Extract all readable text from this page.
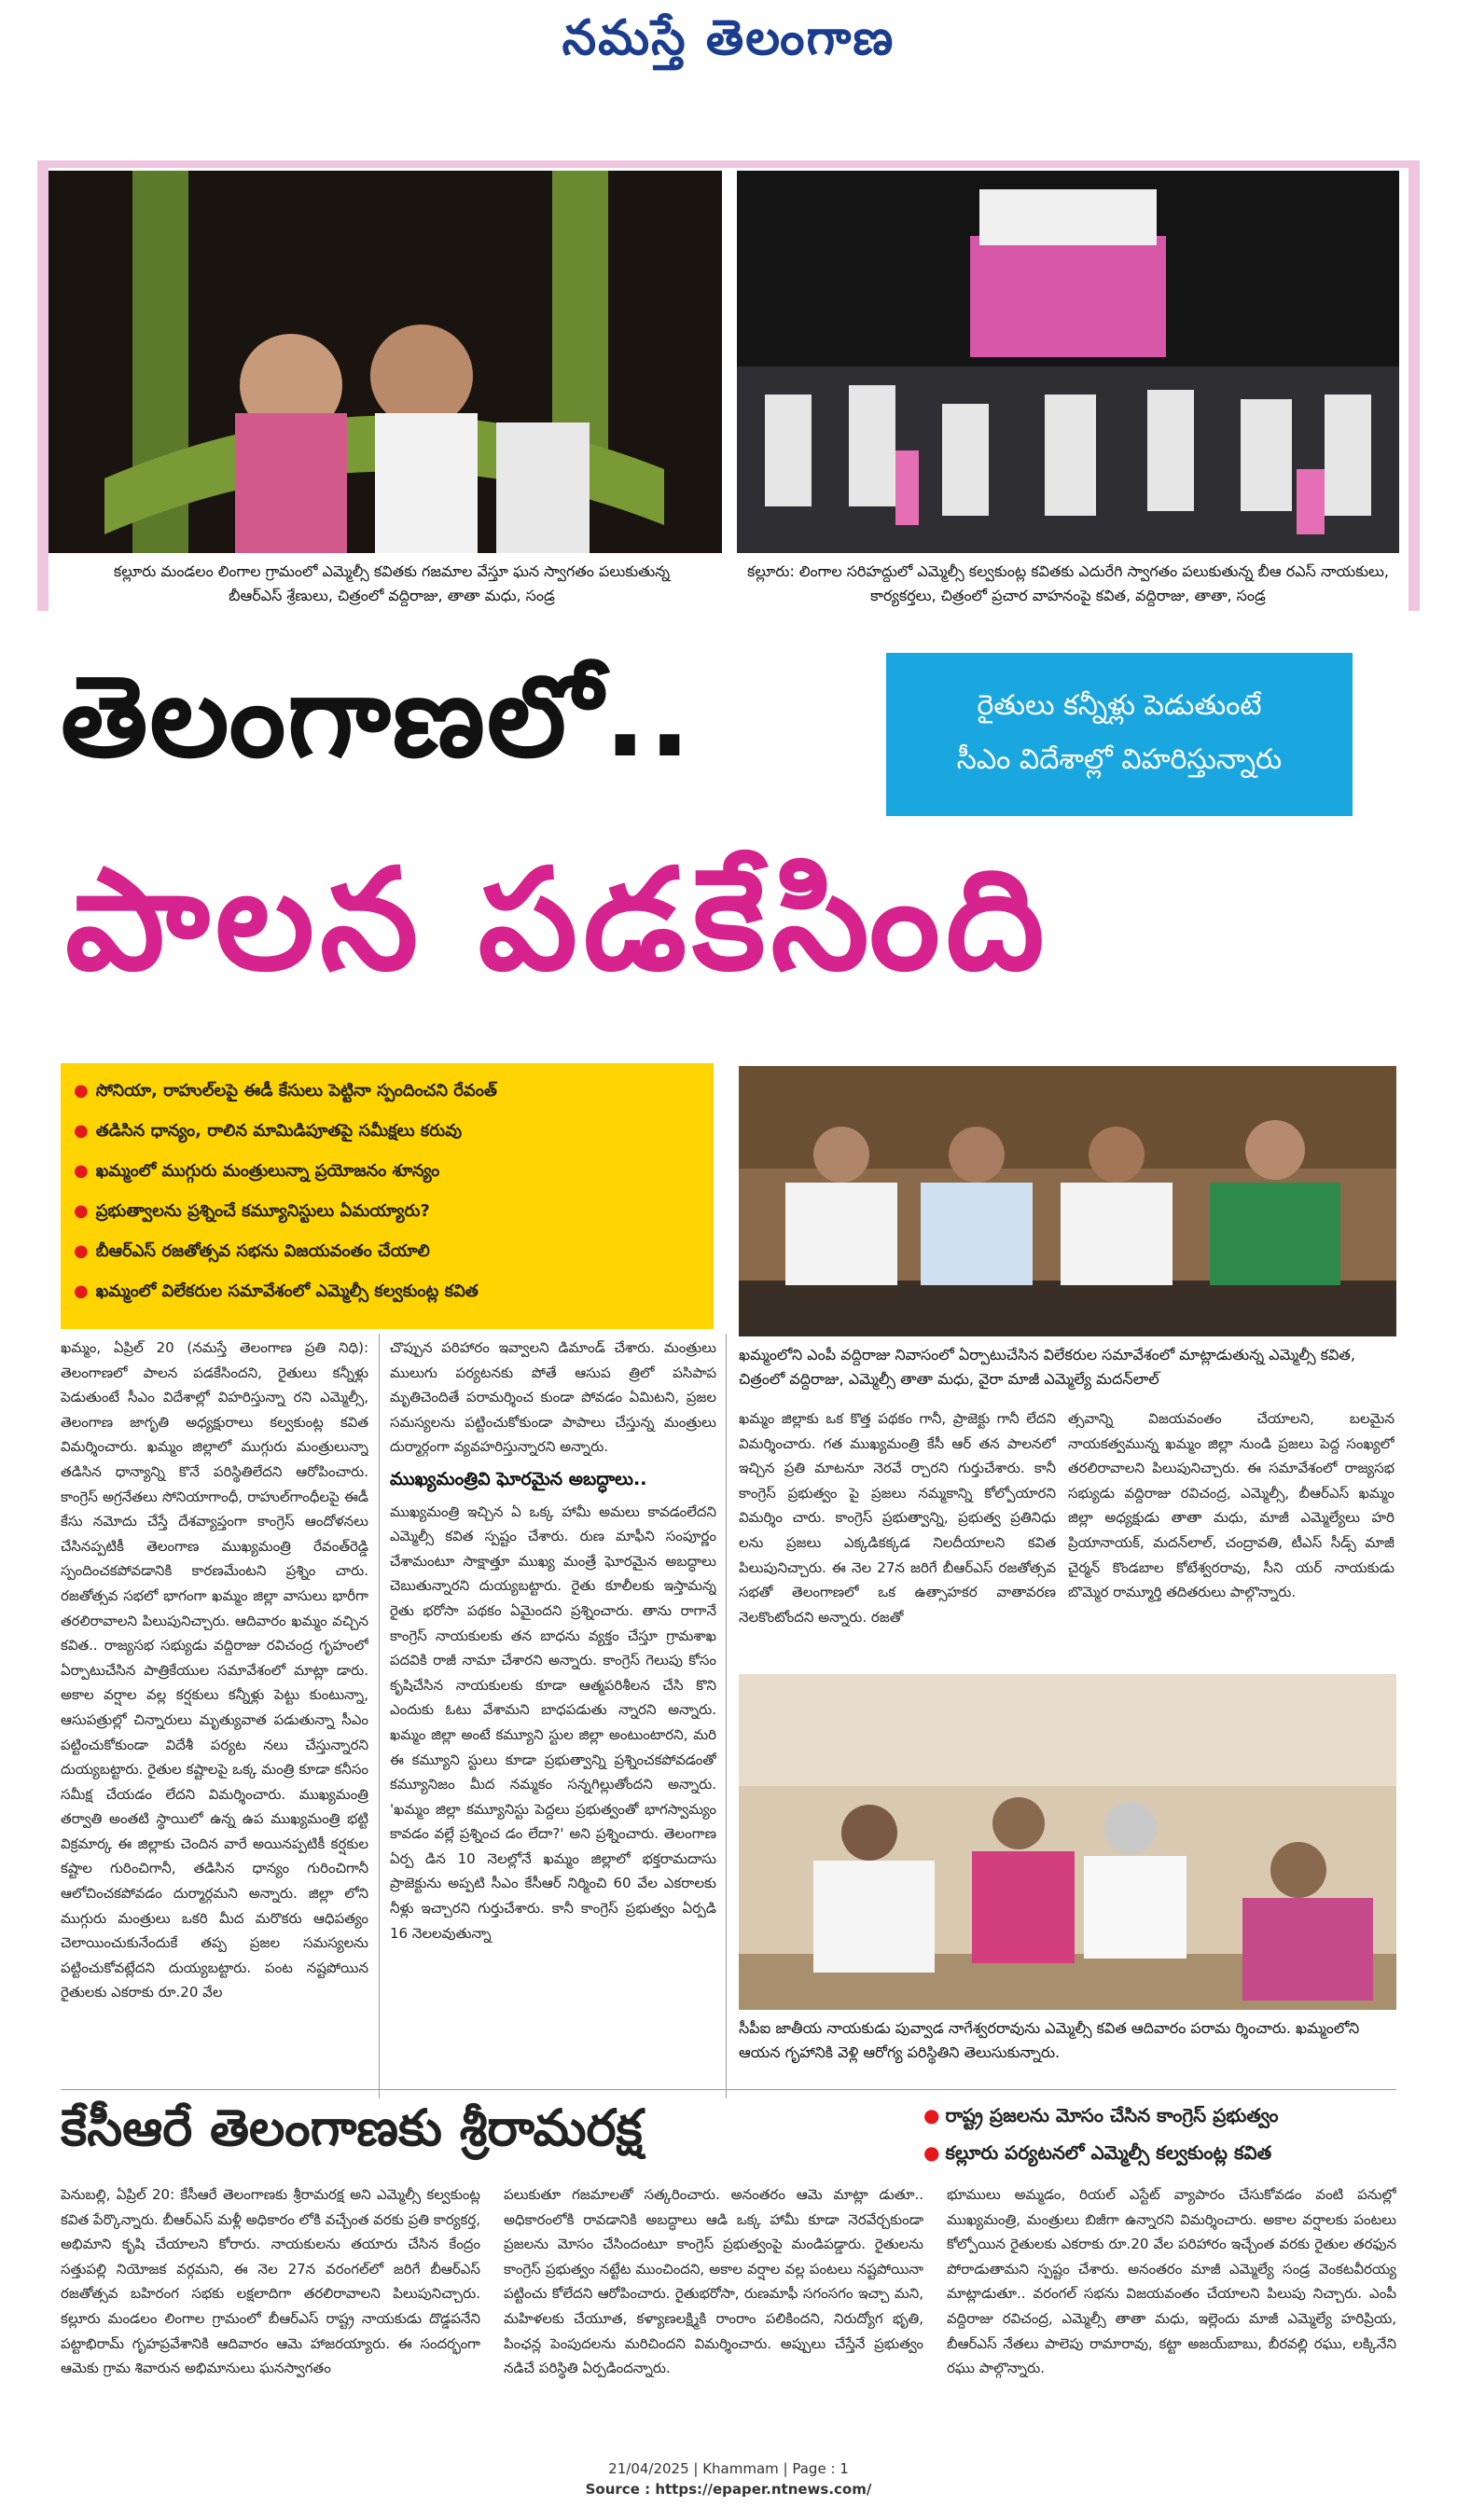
నమస్తే తెలంగాణ
కల్లూరు మండలం లింగాల గ్రామంలో ఎమ్మెల్సీ కవితకు గజమాల వేస్తూ ఘన స్వాగతం పలుకుతున్న బీఆర్‌ఎస్ శ్రేణులు, చిత్రంలో వద్దిరాజు, తాతా మధు, సండ్ర
కల్లూరు: లింగాల సరిహద్దులో ఎమ్మెల్సీ కల్వకుంట్ల కవితకు ఎదురేగి స్వాగతం పలుకుతున్న బీఆ రఎస్ నాయకులు, కార్యకర్తలు, చిత్రంలో ప్రచార వాహనంపై కవిత, వద్దిరాజు, తాతా, సండ్ర
తెలంగాణలో..	రైతులు కన్నీళ్లు పెడుతుంటే
సీఎం విదేశాల్లో విహరిస్తున్నారు
పాలన పడకేసింది
● సోనియా, రాహుల్‌లపై ఈడీ కేసులు పెట్టినా స్పందించని రేవంత్
● తడిసిన ధాన్యం, రాలిన మామిడిపూతపై సమీక్షలు కరువు
● ఖమ్మంలో ముగ్గురు మంత్రులున్నా ప్రయోజనం శూన్యం
● ప్రభుత్వాలను ప్రశ్నించే కమ్యూనిస్టులు ఏమయ్యారు?
● బీఆర్‌ఎస్ రజతోత్సవ సభను విజయవంతం చేయాలి
● ఖమ్మంలో విలేకరుల సమావేశంలో ఎమ్మెల్సీ కల్వకుంట్ల కవిత
ఖమ్మంలోని ఎంపీ వద్దిరాజు నివాసంలో ఏర్పాటుచేసిన విలేకరుల సమావేశంలో మాట్లాడుతున్న ఎమ్మెల్సీ కవిత, చిత్రంలో వద్దిరాజు, ఎమ్మెల్సీ తాతా మధు, వైరా మాజీ ఎమ్మెల్యే మదన్‌లాల్

ఖమ్మం, ఏప్రిల్ 20 (నమస్తే తెలంగాణ ప్రతి నిధి): తెలంగాణలో పాలన పడకేసిందని, రైతులు కన్నీళ్లు పెడుతుంటే సీఎం విదేశాల్లో విహరిస్తున్నా రని ఎమ్మెల్సీ, తెలంగాణ జాగృతి అధ్యక్షురాలు కల్వకుంట్ల కవిత విమర్శించారు. ఖమ్మం జిల్లాలో ముగ్గురు మంత్రులున్నా తడిసిన ధాన్యాన్ని కొనే పరిస్థితిలేదని ఆరోపించారు. కాంగ్రెస్ అగ్రనేతలు సోనియాగాంధీ, రాహుల్‌గాంధీలపై ఈడీ కేసు నమోదు చేస్తే దేశవ్యాప్తంగా కాంగ్రెస్ ఆందోళనలు చేసినప్పటికీ తెలంగాణ ముఖ్యమంత్రి రేవంత్‌రెడ్డి స్పందించకపోవడానికి కారణమేంటని ప్రశ్నిం చారు. రజతోత్సవ సభలో భాగంగా ఖమ్మం జిల్లా వాసులు భారీగా తరలిరావాలని పిలుపునిచ్చారు. ఆదివారం ఖమ్మం వచ్చిన కవిత.. రాజ్యసభ సభ్యుడు వద్దిరాజు రవిచంద్ర గృహంలో ఏర్పాటుచేసిన పాత్రికేయుల సమావేశంలో మాట్లా డారు. అకాల వర్షాల వల్ల కర్షకులు కన్నీళ్లు పెట్టు కుంటున్నా, ఆసుపత్రుల్లో చిన్నారులు మృత్యువాత పడుతున్నా సీఎం పట్టించుకోకుండా విదేశీ పర్యట నలు చేస్తున్నారని దుయ్యబట్టారు. రైతుల కష్టాలపై ఒక్క మంత్రి కూడా కనీసం సమీక్ష చేయడం లేదని విమర్శించారు. ముఖ్యమంత్రి తర్వాతి అంతటి స్థాయిలో ఉన్న ఉప ముఖ్యమంత్రి భట్టి విక్రమార్క ఈ జిల్లాకు చెందిన వారే అయినప్పటికీ కర్షకుల కష్టాల గురించిగానీ, తడిసిన ధాన్యం గురించిగానీ ఆలోచించకపోవడం దుర్మార్గమని అన్నారు. జిల్లా లోని ముగ్గురు మంత్రులు ఒకరి మీద మరొకరు ఆధిపత్యం చెలాయించుకునేందుకే తప్ప ప్రజల సమస్యలను పట్టించుకోవట్లేదని దుయ్యబట్టారు. పంట నష్టపోయిన రైతులకు ఎకరాకు రూ.20 వేల

చొప్పున పరిహారం ఇవ్వాలని డిమాండ్ చేశారు. మంత్రులు ములుగు పర్యటనకు పోతే ఆసుప త్రిలో పసిపాప మృతిచెందితే పరామర్శించ కుండా పోవడం ఏమిటని, ప్రజల సమస్యలను పట్టించుకోకుండా పాపాలు చేస్తున్న మంత్రులు దుర్మార్గంగా వ్యవహరిస్తున్నారని అన్నారు.

ముఖ్యమంత్రివి ఘోరమైన అబద్ధాలు..

ముఖ్యమంత్రి ఇచ్చిన ఏ ఒక్క హామీ అమలు కావడంలేదని ఎమ్మెల్సీ కవిత స్పష్టం చేశారు. రుణ మాఫీని సంపూర్ణం చేశామంటూ సాక్షాత్తూ ముఖ్య మంత్రే ఘోరమైన అబద్ధాలు చెబుతున్నారని దుయ్యబట్టారు. రైతు కూలీలకు ఇస్తామన్న రైతు భరోసా పథకం ఏమైందని ప్రశ్నించారు. తాను రాగానే కాంగ్రెస్ నాయకులకు తన బాధను వ్యక్తం చేస్తూ గ్రామశాఖ పదవికి రాజీ నామా చేశారని అన్నారు. కాంగ్రెస్ గెలుపు కోసం కృషిచేసిన నాయకులకు కూడా ఆత్మపరిశీలన చేసి కొని ఎందుకు ఓటు వేశామని బాధపడుతు న్నారని అన్నారు. ఖమ్మం జిల్లా అంటే కమ్యూని స్టుల జిల్లా అంటుంటారని, మరి ఈ కమ్యూని స్టులు కూడా ప్రభుత్వాన్ని ప్రశ్నించకపోవడంతో కమ్యూనిజం మీద నమ్మకం సన్నగిల్లుతోందని అన్నారు. 'ఖమ్మం జిల్లా కమ్యూనిస్టు పెద్దలు ప్రభుత్వంతో భాగస్వామ్యం కావడం వల్లే ప్రశ్నించ డం లేదా?' అని ప్రశ్నించారు. తెలంగాణ ఏర్ప డిన 10 నెలల్లోనే ఖమ్మం జిల్లాలో భక్తరామదాసు ప్రాజెక్టును అప్పటి సీఎం కేసీఆర్ నిర్మించి 60 వేల ఎకరాలకు నీళ్లు ఇచ్చారని గుర్తుచేశారు. కానీ కాంగ్రెస్ ప్రభుత్వం ఏర్పడి 16 నెలలవుతున్నా

ఖమ్మం జిల్లాకు ఒక కొత్త పథకం గానీ, ప్రాజెక్టు గానీ లేదని విమర్శించారు. గత ముఖ్యమంత్రి కేసీ ఆర్ తన పాలనలో ఇచ్చిన ప్రతి మాటనూ నెరవే ర్చారని గుర్తుచేశారు. కానీ కాంగ్రెస్ ప్రభుత్వం పై ప్రజలు నమ్మకాన్ని కోల్పోయారని విమర్శిం చారు. కాంగ్రెస్ ప్రభుత్వాన్ని, ప్రభుత్వ ప్రతినిధు లను ప్రజలు ఎక్కడికక్కడ నిలదీయాలని కవిత పిలుపునిచ్చారు. ఈ నెల 27న జరిగే బీఆర్‌ఎస్ రజతోత్సవ సభతో తెలంగాణలో ఒక ఉత్సాహకర వాతావరణ నెలకొంటోందని అన్నారు. రజతో

త్సవాన్ని విజయవంతం చేయాలని, బలమైన నాయకత్వమున్న ఖమ్మం జిల్లా నుండి ప్రజలు పెద్ద సంఖ్యలో తరలిరావాలని పిలుపునిచ్చారు. ఈ సమావేశంలో రాజ్యసభ సభ్యుడు వద్దిరాజు రవిచంద్ర, ఎమ్మెల్సీ, బీఆర్‌ఎస్ ఖమ్మం జిల్లా అధ్యక్షుడు తాతా మధు, మాజీ ఎమ్మెల్యేలు హరి ప్రియానాయక్, మదన్‌లాల్, చంద్రావతి, టీఎస్ సీడ్స్ మాజీ చైర్మన్ కొండబాల కోటేశ్వరరావు, సీని యర్ నాయకుడు బొమ్మెర రామ్మూర్తి తదితరులు పాల్గొన్నారు.

సీపీఐ జాతీయ నాయకుడు పువ్వాడ నాగేశ్వరరావును ఎమ్మెల్సీ కవిత ఆదివారం పరామ ర్శించారు. ఖమ్మంలోని ఆయన గృహానికి వెళ్లి ఆరోగ్య పరిస్థితిని తెలుసుకున్నారు.
కేసీఆరే తెలంగాణకు శ్రీరామరక్ష	● రాష్ట్ర ప్రజలను మోసం చేసిన కాంగ్రెస్ ప్రభుత్వం
● కల్లూరు పర్యటనలో ఎమ్మెల్సీ కల్వకుంట్ల కవిత

పెనుబల్లి, ఏప్రిల్ 20: కేసీఆరే తెలంగాణకు శ్రీరామరక్ష అని ఎమ్మెల్సీ కల్వకుంట్ల కవిత పేర్కొన్నారు. బీఆర్‌ఎస్ మళ్లీ అధికారం లోకి వచ్చేంత వరకు ప్రతి కార్యకర్త, అభిమాని కృషి చేయాలని కోరారు. నాయకులను తయారు చేసిన కేంద్రం సత్తుపల్లి నియోజక వర్గమని, ఈ నెల 27న వరంగల్‌లో జరిగే బీఆర్‌ఎస్ రజతోత్సవ బహిరంగ సభకు లక్షలాదిగా తరలిరావాలని పిలుపునిచ్చారు. కల్లూరు మండలం లింగాల గ్రామంలో బీఆర్‌ఎస్ రాష్ట్ర నాయకుడు దొడ్డపనేని పట్టాభిరామ్ గృహప్రవేశానికి ఆదివారం ఆమె హాజరయ్యారు. ఈ సందర్భంగా ఆమెకు గ్రామ శివారున అభిమానులు ఘనస్వాగతం

పలుకుతూ గజమాలతో సత్కరించారు. అనంతరం ఆమె మాట్లా డుతూ.. అధికారంలోకి రావడానికి అబద్ధాలు ఆడి ఒక్క హామీ కూడా నెరవేర్చకుండా ప్రజలను మోసం చేసిందంటూ కాంగ్రెస్ ప్రభుత్వంపై మండిపడ్డారు. రైతులను కాంగ్రెస్ ప్రభుత్వం నట్టేట ముంచిందని, అకాల వర్షాల వల్ల పంటలు నష్టపోయినా పట్టించు కోలేదని ఆరోపించారు. రైతుభరోసా, రుణమాఫీ సగంసగం ఇచ్చా మని, మహిళలకు చేయూత, కళ్యాణలక్ష్మికి రాంరాం పలికిందని, నిరుద్యోగ భృతి, పింఛన్ల పెంపుదలను మరిచిందని విమర్శించారు. అప్పులు చేస్తేనే ప్రభుత్వం నడిచే పరిస్థితి ఏర్పడిందన్నారు.

భూములు అమ్మడం, రియల్ ఎస్టేట్ వ్యాపారం చేసుకోవడం వంటి పనుల్లో ముఖ్యమంత్రి, మంత్రులు బిజీగా ఉన్నారని విమర్శించారు. అకాల వర్షాలకు పంటలు కోల్పోయిన రైతులకు ఎకరాకు రూ.20 వేల పరిహారం ఇచ్చేంత వరకు రైతుల తరఫున పోరాడుతామని స్పష్టం చేశారు. అనంతరం మాజీ ఎమ్మెల్యే సండ్ర వెంకటవీరయ్య మాట్లాడుతూ.. వరంగల్ సభను విజయవంతం చేయాలని పిలుపు నిచ్చారు. ఎంపీ వద్దిరాజు రవిచంద్ర, ఎమ్మెల్సీ తాతా మధు, ఇల్లెందు మాజీ ఎమ్మెల్యే హరిప్రియ, బీఆర్‌ఎస్ నేతలు పాలెపు రామారావు, కట్టా అజయ్‌బాబు, బీరవల్లి రఘు, లక్కినేని రఘు పాల్గొన్నారు.

21/04/2025 | Khammam | Page : 1
Source : https://epaper.ntnews.com/
